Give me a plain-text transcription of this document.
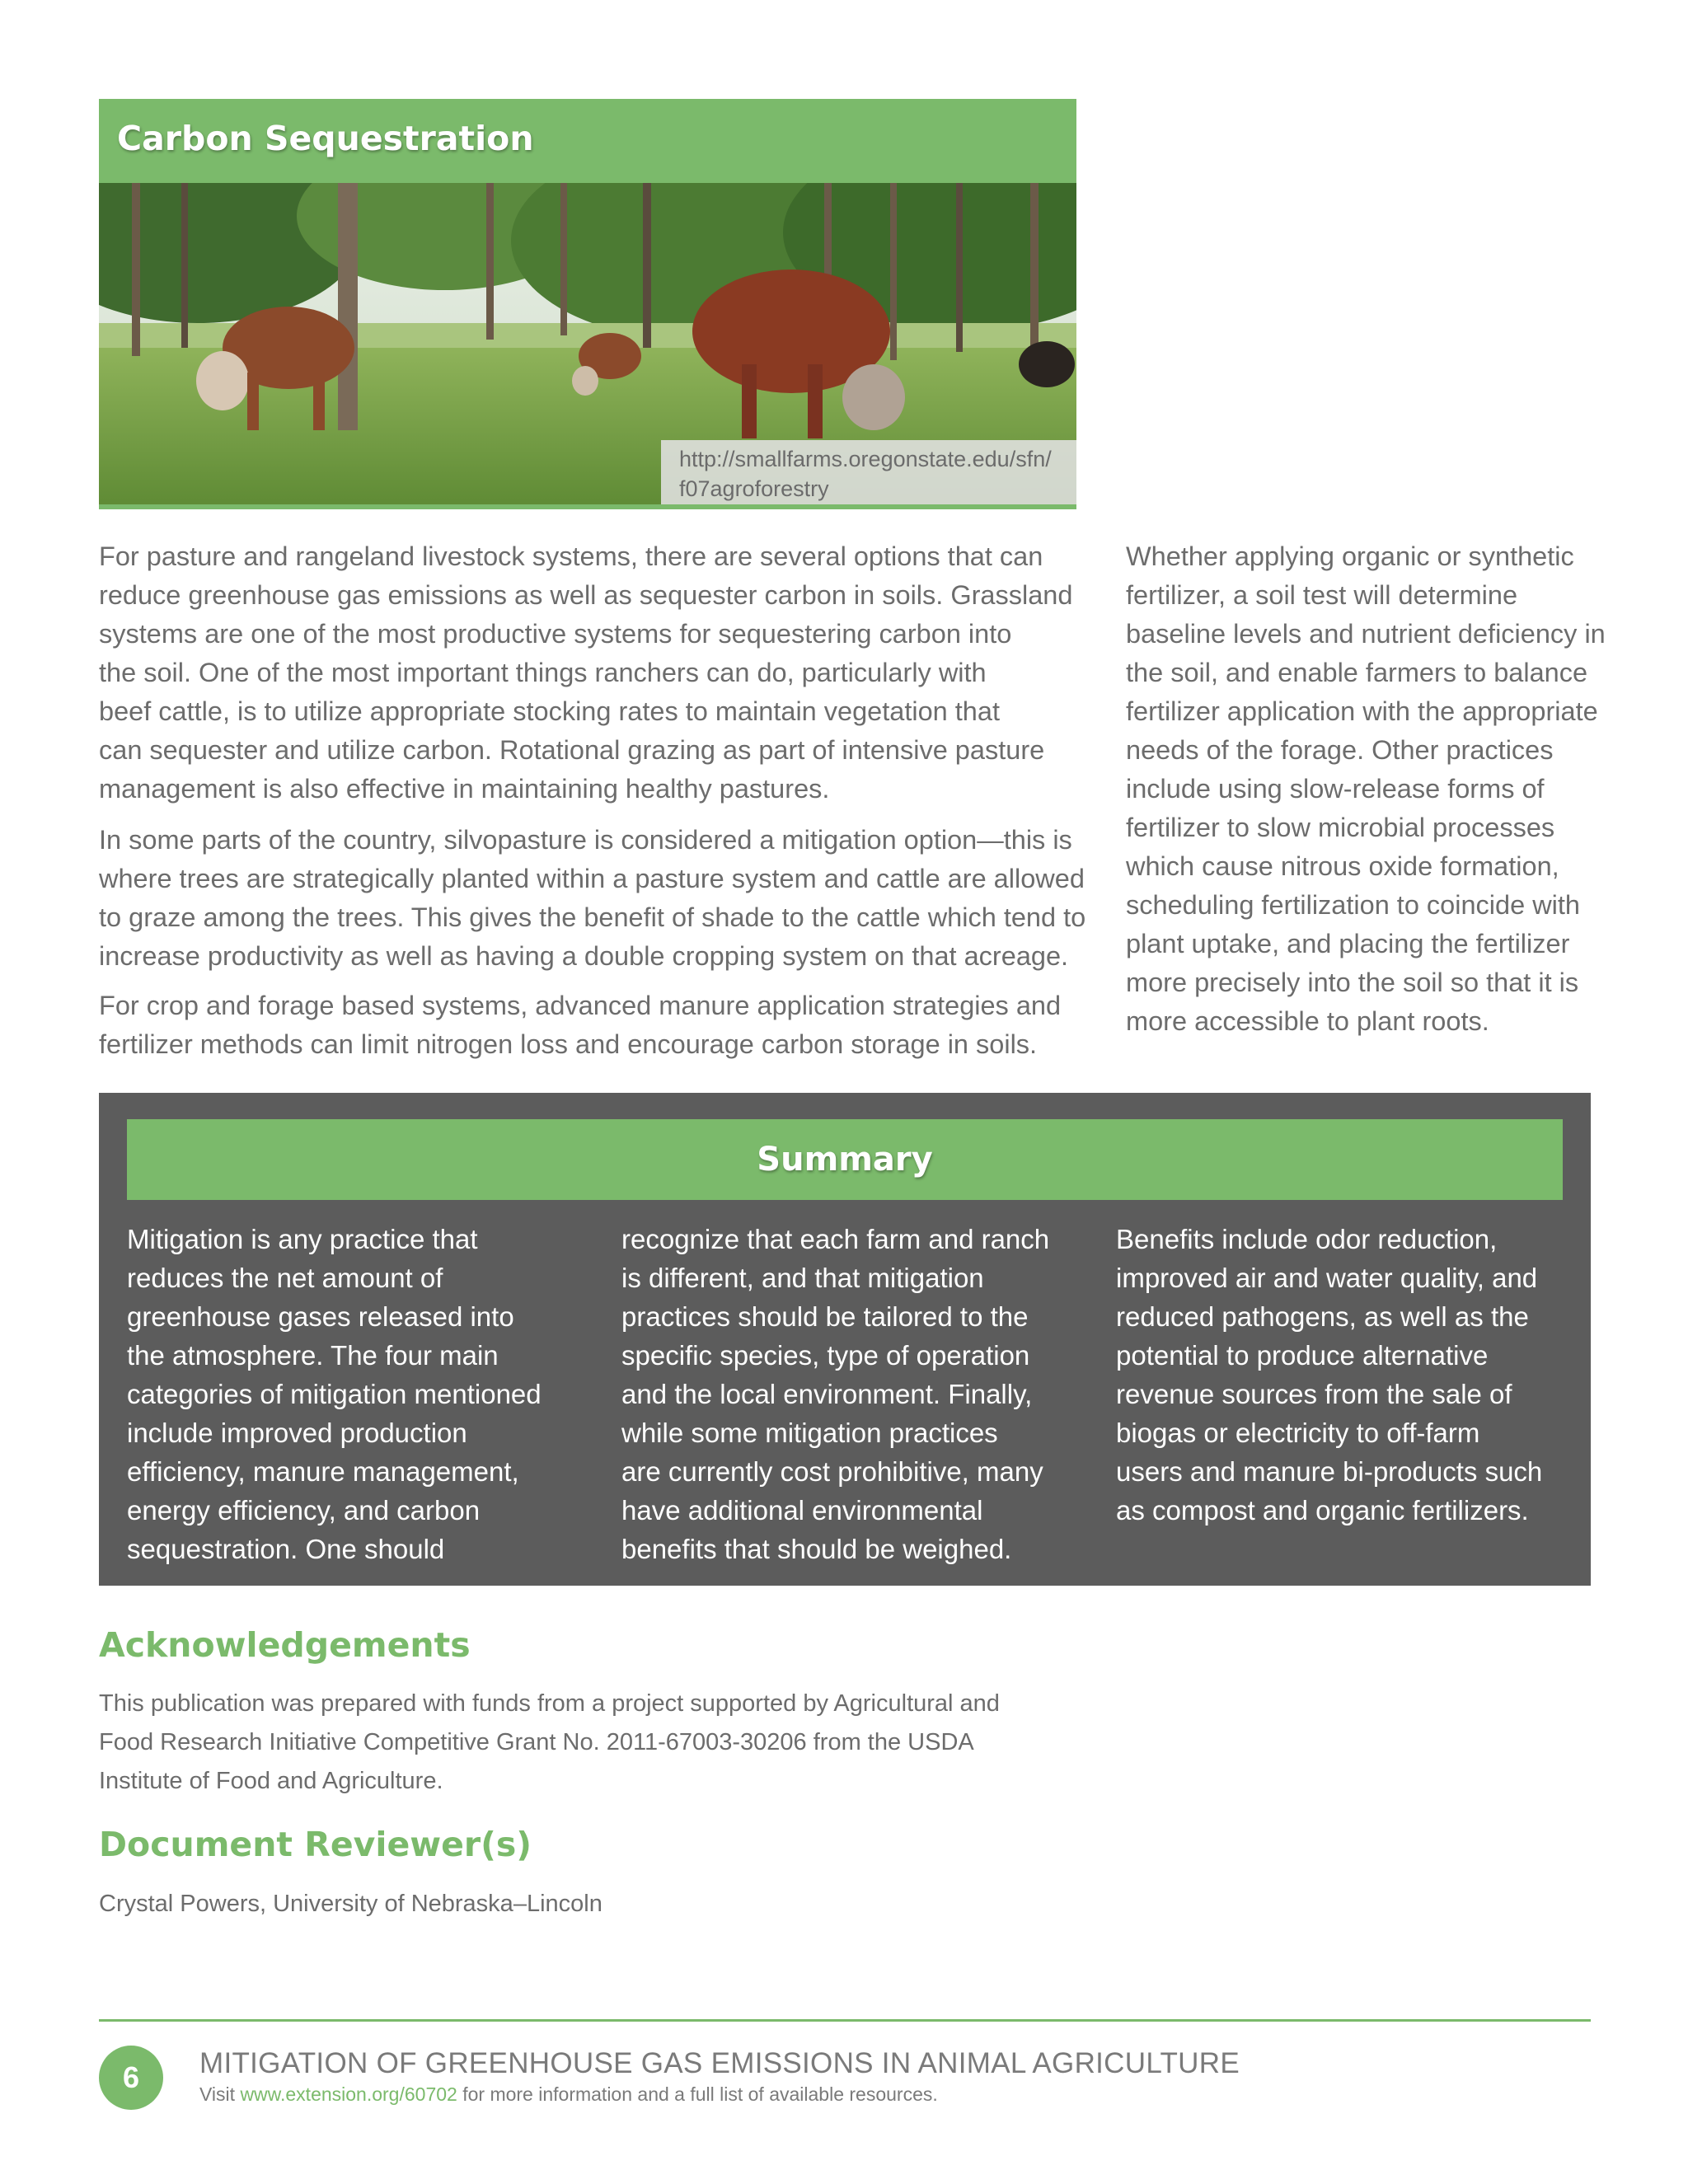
Carbon Sequestration
http://smallfarms.oregonstate.edu/sfn/
f07agroforestry

For pasture and rangeland livestock systems, there are several options that can
reduce greenhouse gas emissions as well as sequester carbon in soils. Grassland
systems are one of the most productive systems for sequestering carbon into
the soil. One of the most important things ranchers can do, particularly with
beef cattle, is to utilize appropriate stocking rates to maintain vegetation that
can sequester and utilize carbon. Rotational grazing as part of intensive pasture
management is also effective in maintaining healthy pastures.

In some parts of the country, silvopasture is considered a mitigation option—this is
where trees are strategically planted within a pasture system and cattle are allowed
to graze among the trees. This gives the benefit of shade to the cattle which tend to
increase productivity as well as having a double cropping system on that acreage.

For crop and forage based systems, advanced manure application strategies and
fertilizer methods can limit nitrogen loss and encourage carbon storage in soils.

Whether applying organic or synthetic
fertilizer, a soil test will determine
baseline levels and nutrient deficiency in
the soil, and enable farmers to balance
fertilizer application with the appropriate
needs of the forage. Other practices
include using slow-release forms of
fertilizer to slow microbial processes
which cause nitrous oxide formation,
scheduling fertilization to coincide with
plant uptake, and placing the fertilizer
more precisely into the soil so that it is
more accessible to plant roots.

Summary

Mitigation is any practice that
reduces the net amount of
greenhouse gases released into
the atmosphere. The four main
categories of mitigation mentioned
include improved production
efficiency, manure management,
energy efficiency, and carbon
sequestration. One should

recognize that each farm and ranch
is different, and that mitigation
practices should be tailored to the
specific species, type of operation
and the local environment. Finally,
while some mitigation practices
are currently cost prohibitive, many
have additional environmental
benefits that should be weighed.

Benefits include odor reduction,
improved air and water quality, and
reduced pathogens, as well as the
potential to produce alternative
revenue sources from the sale of
biogas or electricity to off-farm
users and manure bi-products such
as compost and organic fertilizers.

Acknowledgements

This publication was prepared with funds from a project supported by Agricultural and
Food Research Initiative Competitive Grant No. 2011-67003-30206 from the USDA
Institute of Food and Agriculture.

Document Reviewer(s)

Crystal Powers, University of Nebraska–Lincoln

6	MITIGATION OF GREENHOUSE GAS EMISSIONS IN ANIMAL AGRICULTURE

Visit www.extension.org/60702 for more information and a full list of available resources.
